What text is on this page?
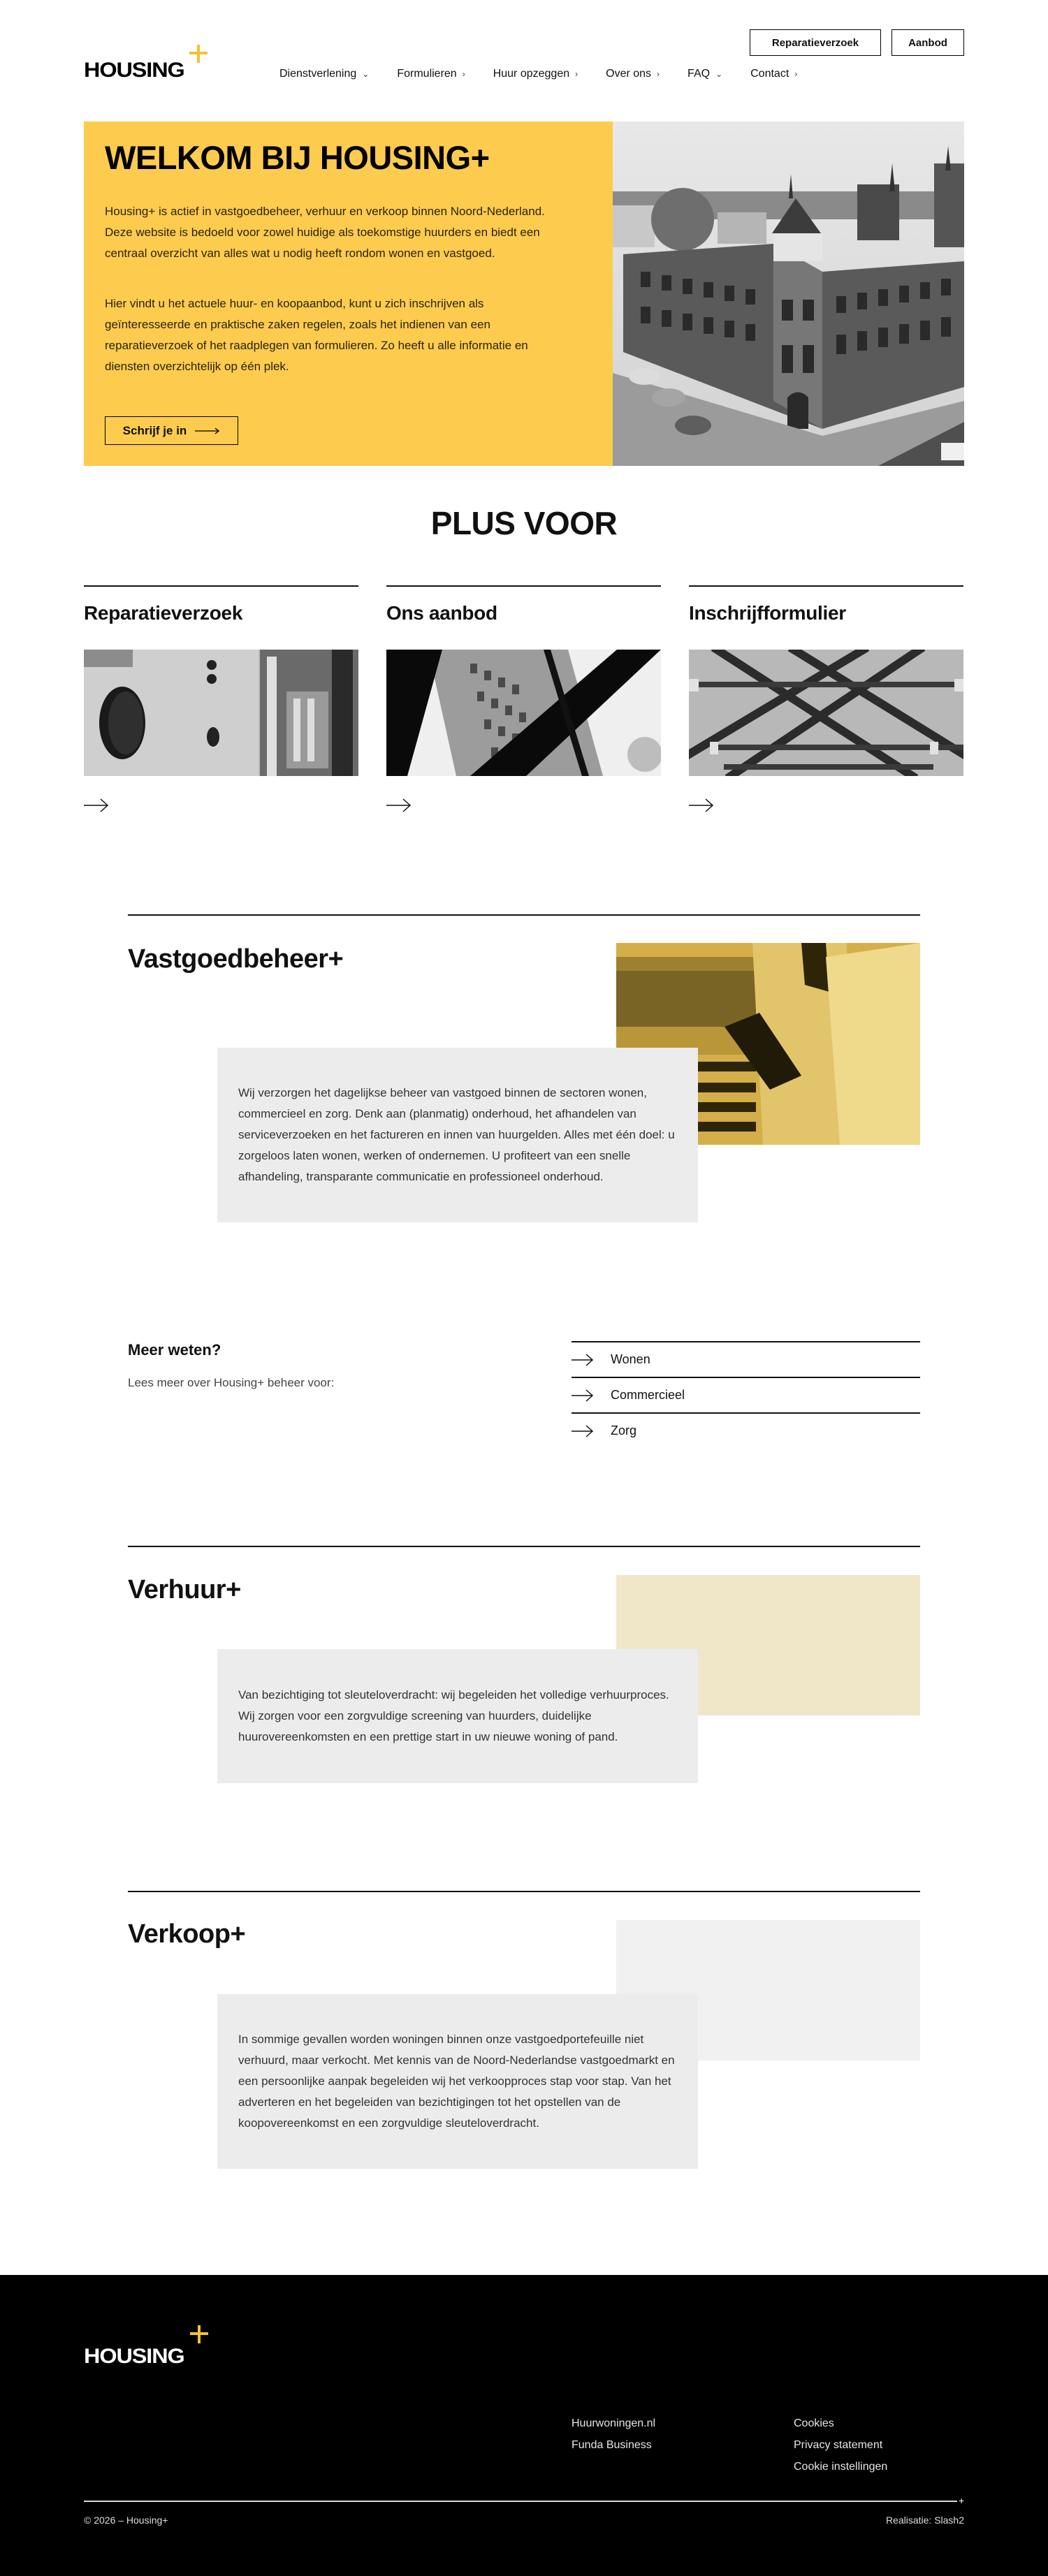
HOUSING
Reparatieverzoek	Aanbod
Dienstverlening ⌄	Formulieren ›	Huur opzeggen ›	Over ons ›	FAQ ⌄	Contact ›
WELKOM BIJ HOUSING+

Housing+ is actief in vastgoedbeheer, verhuur en verkoop binnen Noord-Nederland. Deze website is bedoeld voor zowel huidige als toekomstige huurders en biedt een centraal overzicht van alles wat u nodig heeft rondom wonen en vastgoed.

Hier vindt u het actuele huur- en koopaanbod, kunt u zich inschrijven als geïnteresseerde en praktische zaken regelen, zoals het indienen van een reparatieverzoek of het raadplegen van formulieren. Zo heeft u alle informatie en diensten overzichtelijk op één plek.

Schrijf je in
PLUS VOOR
Reparatieverzoek	Ons aanbod	Inschrijfformulier
Vastgoedbeheer+

Wij verzorgen het dagelijkse beheer van vastgoed binnen de sectoren wonen, commercieel en zorg. Denk aan (planmatig) onderhoud, het afhandelen van serviceverzoeken en het factureren en innen van huurgelden. Alles met één doel: u zorgeloos laten wonen, werken of ondernemen. U profiteert van een snelle afhandeling, transparante communicatie en professioneel onderhoud.

Meer weten?

Lees meer over Housing+ beheer voor:

Wonen
Commercieel
Zorg
Verhuur+

Van bezichtiging tot sleuteloverdracht: wij begeleiden het volledige verhuurproces. Wij zorgen voor een zorgvuldige screening van huurders, duidelijke huurovereenkomsten en een prettige start in uw nieuwe woning of pand.

Verkoop+

In sommige gevallen worden woningen binnen onze vastgoedportefeuille niet verhuurd, maar verkocht. Met kennis van de Noord-Nederlandse vastgoedmarkt en een persoonlijke aanpak begeleiden wij het verkoopproces stap voor stap. Van het adverteren en het begeleiden van bezichtigingen tot het opstellen van de koopovereenkomst en een zorgvuldige sleuteloverdracht.

HOUSING
Huurwoningen.nl
Funda Business
Cookies
Privacy statement
Cookie instellingen
+
© 2026 – Housing+	Realisatie: Slash2
